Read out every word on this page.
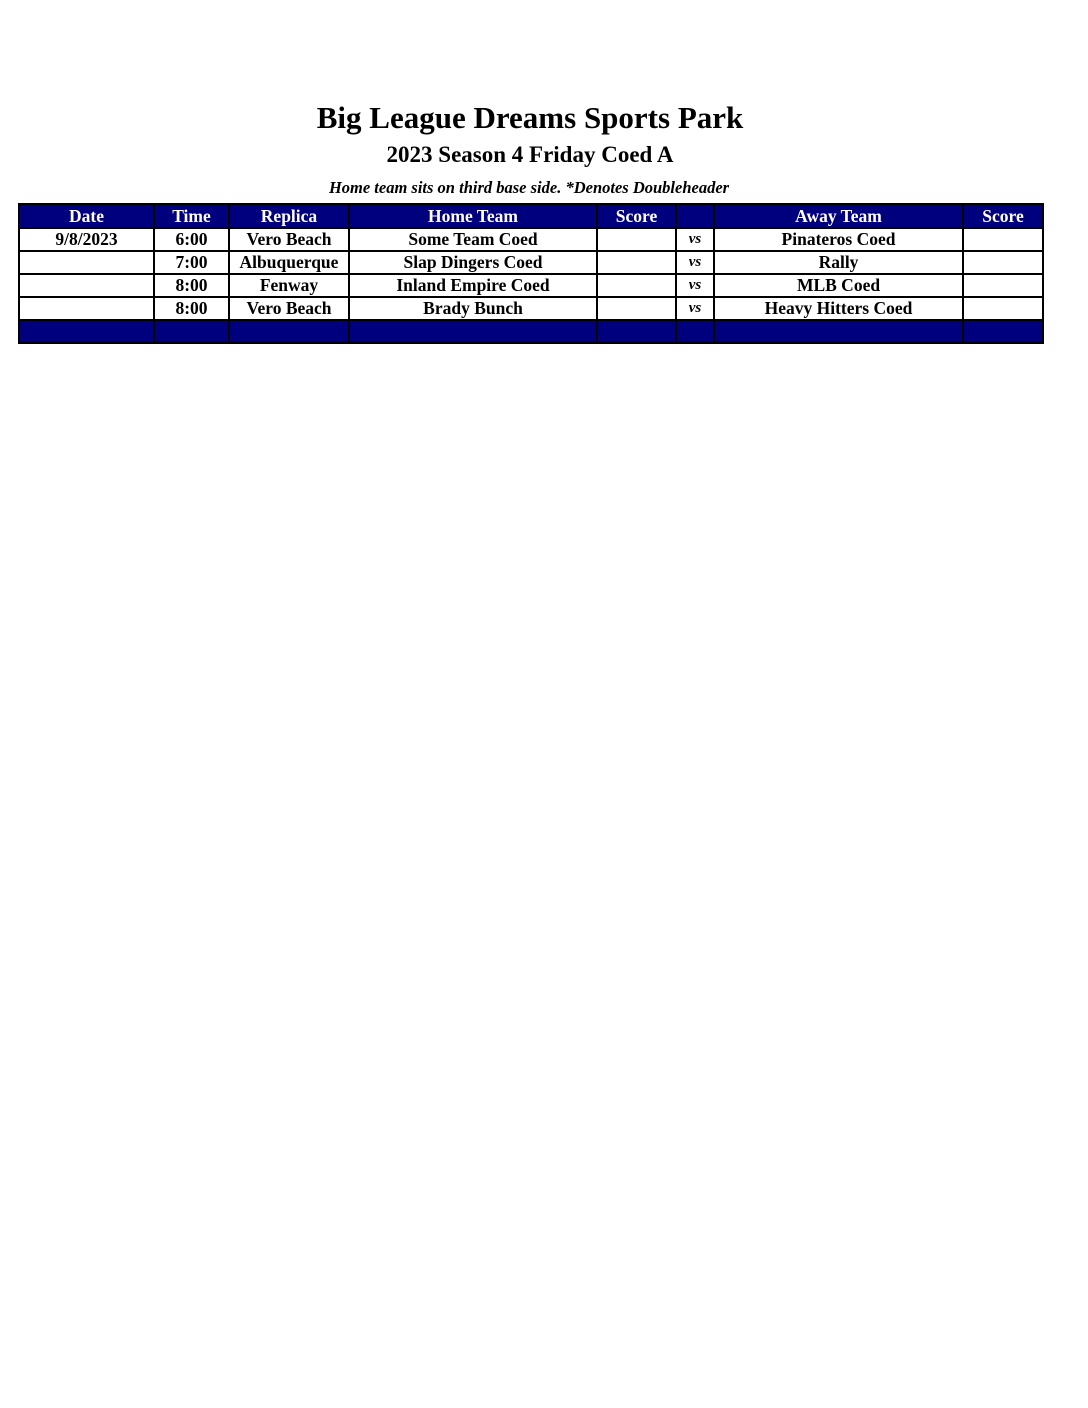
Big League Dreams Sports Park
2023 Season 4 Friday Coed A
Home team sits on third base side. *Denotes Doubleheader
Date	Time	Replica	Home Team	Score		Away Team	Score
9/8/2023	6:00	Vero Beach	Some Team Coed		vs	Pinateros Coed	
	7:00	Albuquerque	Slap Dingers Coed		vs	Rally	
	8:00	Fenway	Inland Empire Coed		vs	MLB Coed	
	8:00	Vero Beach	Brady Bunch		vs	Heavy Hitters Coed	
